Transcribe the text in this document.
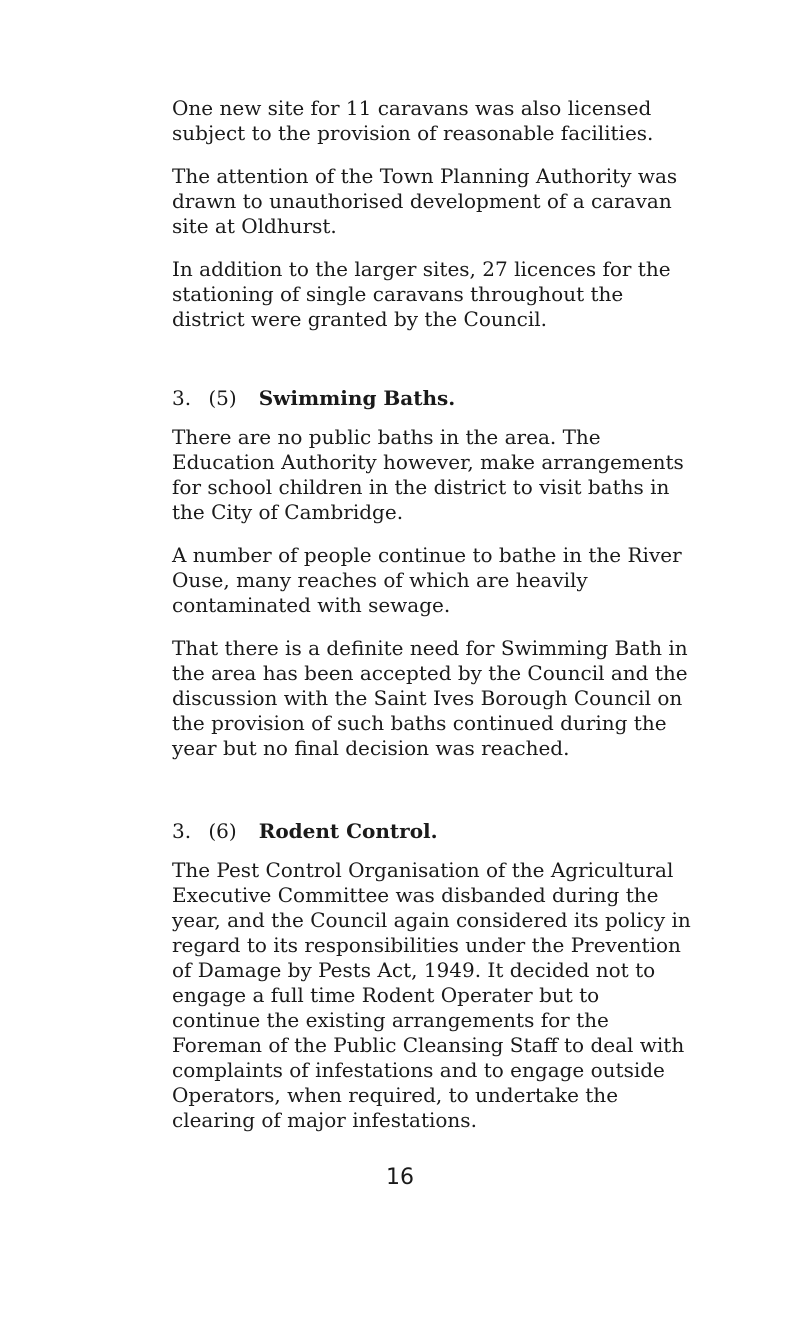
One new site for 11 caravans was also licensed subject to the provision of reasonable facilities.

The attention of the Town Planning Authority was drawn to unauthorised development of a caravan site at Oldhurst.

In addition to the larger sites, 27 licences for the stationing of single caravans throughout the district were granted by the Council.

3. (5) Swimming Baths.

There are no public baths in the area. The Education Authority however, make arrangements for school children in the district to visit baths in the City of Cambridge.

A number of people continue to bathe in the River Ouse, many reaches of which are heavily contaminated with sewage.

That there is a definite need for Swimming Bath in the area has been accepted by the Council and the discussion with the Saint Ives Borough Council on the provision of such baths continued during the year but no final decision was reached.

3. (6) Rodent Control.

The Pest Control Organisation of the Agricultural Executive Committee was disbanded during the year, and the Council again considered its policy in regard to its responsibilities under the Prevention of Damage by Pests Act, 1949. It decided not to engage a full time Rodent Operater but to continue the existing arrangements for the Foreman of the Public Cleansing Staff to deal with complaints of infestations and to engage outside Operators, when required, to undertake the clearing of major infestations.

16
